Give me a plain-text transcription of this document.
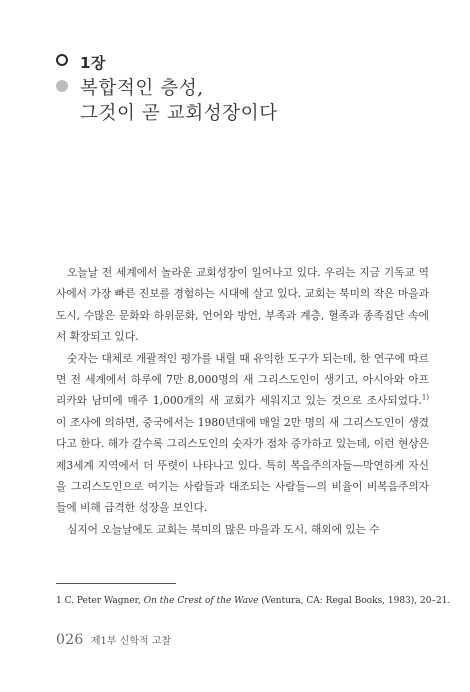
1장
복합적인 층성,
그것이 곧 교회성장이다

오늘날 전 세계에서 놀라운 교회성장이 일어나고 있다. 우리는 지금 기독교 역사에서 가장 빠른 진보를 경험하는 시대에 살고 있다. 교회는 북미의 작은 마을과 도시, 수많은 문화와 하위문화, 언어와 방언, 부족과 계층, 혈족과 종족집단 속에서 확장되고 있다.

숫자는 대체로 개괄적인 평가를 내릴 때 유익한 도구가 되는데, 한 연구에 따르면 전 세계에서 하루에 7만 8,000명의 새 그리스도인이 생기고, 아시아와 아프리카와 남미에 매주 1,000개의 새 교회가 세워지고 있는 것으로 조사되었다.$^{1)}$ 이 조사에 의하면, 중국에서는 1980년대에 매일 2만 명의 새 그리스도인이 생겼다고 한다. 해가 갈수록 그리스도인의 숫자가 점차 증가하고 있는데, 이런 현상은 제3세계 지역에서 더 뚜렷이 나타나고 있다. 특히 복음주의자들—막연하게 자신을 그리스도인으로 여기는 사람들과 대조되는 사람들—의 비율이 비복음주의자들에 비해 급격한 성장을 보인다.

심지어 오늘날에도 교회는 북미의 많은 마을과 도시, 해외에 있는 수

1 C. Peter Wagner, On the Crest of the Wave (Ventura, CA: Regal Books, 1983), 20–21.
026 제1부 신학적 고찰
